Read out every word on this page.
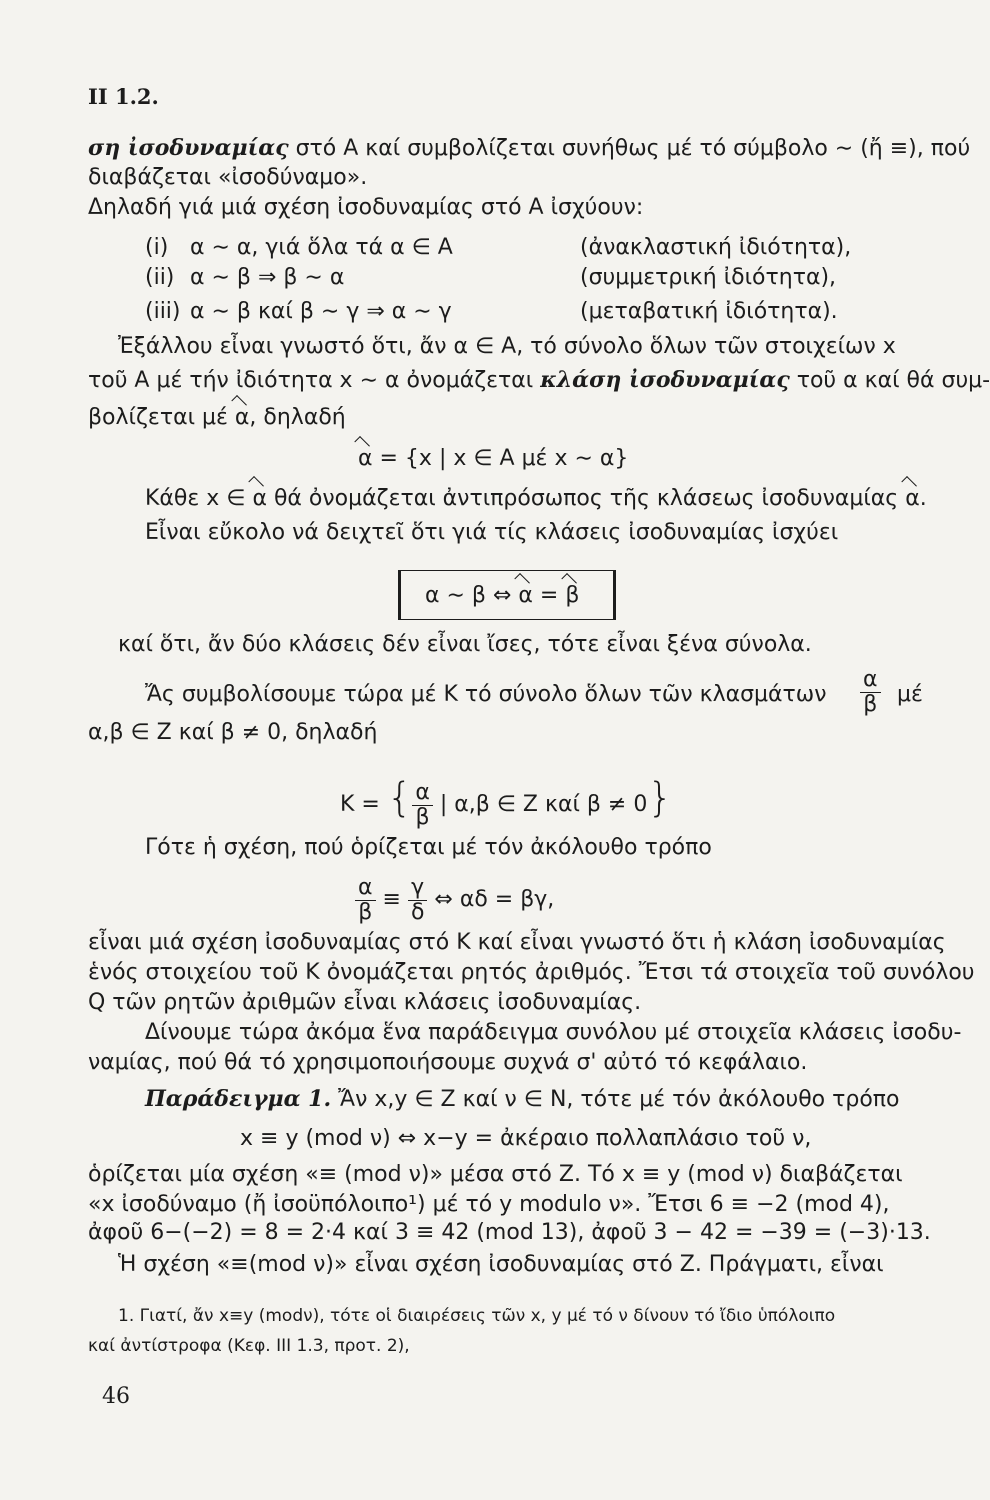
II 1.2.
ση ἰσοδυναμίας στό Α καί συμβολίζεται συνήθως μέ τό σύμβολο ∼ (ἤ ≡), πού
διαβάζεται «ἰσοδύναμο».
Δηλαδή γιά μιά σχέση ἰσοδυναμίας στό Α ἰσχύουν:
(i) α ∼ α, γιά ὅλα τά α ∈ Α	(ἀνακλαστική ἰδιότητα),
(ii) α ∼ β ⇒ β ∼ α	(συμμετρική ἰδιότητα),
(iii) α ∼ β καί β ∼ γ ⇒ α ∼ γ	(μεταβατική ἰδιότητα).
Ἐξάλλου εἶναι γνωστό ὅτι, ἄν α ∈ Α, τό σύνολο ὅλων τῶν στοιχείων x
τοῦ Α μέ τήν ἰδιότητα x ∼ α ὀνομάζεται κλάση ἰσοδυναμίας τοῦ α καί θά συμ-
βολίζεται μέ α, δηλαδή
α = {x | x ∈ Α μέ x ∼ α}
Κάθε x ∈ α θά ὀνομάζεται ἀντιπρόσωπος τῆς κλάσεως ἰσοδυναμίας α.
Εἶναι εὔκολο νά δειχτεῖ ὅτι γιά τίς κλάσεις ἰσοδυναμίας ἰσχύει
α ∼ β ⇔ α = β
καί ὅτι, ἄν δύο κλάσεις δέν εἶναι ἴσες, τότε εἶναι ξένα σύνολα.
Ἄς συμβολίσουμε τώρα μέ Κ τό σύνολο ὅλων τῶν κλασμάτων $\frac{\alpha}{\beta}$ μέ
α,β ∈ Z καί β ≠ 0, δηλαδή
Κ = { $\frac{\alpha}{\beta}$ | α,β ∈ Z καί β ≠ 0}
Γότε ἡ σχέση, πού ὁρίζεται μέ τόν ἀκόλουθο τρόπο
$\frac{\alpha}{\beta} \equiv \frac{\gamma}{\delta}$ ⇔ αδ = βγ,
εἶναι μιά σχέση ἰσοδυναμίας στό Κ καί εἶναι γνωστό ὅτι ἡ κλάση ἰσοδυναμίας
ἑνός στοιχείου τοῦ Κ ὀνομάζεται ρητός ἀριθμός. Ἔτσι τά στοιχεῖα τοῦ συνόλου
Q τῶν ρητῶν ἀριθμῶν εἶναι κλάσεις ἰσοδυναμίας.
Δίνουμε τώρα ἀκόμα ἕνα παράδειγμα συνόλου μέ στοιχεῖα κλάσεις ἰσοδυ-
ναμίας, πού θά τό χρησιμοποιήσουμε συχνά σ' αὐτό τό κεφάλαιο.
Παράδειγμα 1. Ἄν x,y ∈ Z καί ν ∈ N, τότε μέ τόν ἀκόλουθο τρόπο
x ≡ y (mod ν) ⇔ x−y = ἀκέραιο πολλαπλάσιο τοῦ ν,
ὁρίζεται μία σχέση «≡ (mod ν)» μέσα στό Z. Τό x ≡ y (mod ν) διαβάζεται
«x ἰσοδύναμο (ἤ ἰσοϋπόλοιπο¹) μέ τό y modulo ν». Ἔτσι 6 ≡ −2 (mod 4),
ἀφοῦ 6−(−2) = 8 = 2·4 καί 3 ≡ 42 (mod 13), ἀφοῦ 3 − 42 = −39 = (−3)·13.
Ἡ σχέση «≡(mod ν)» εἶναι σχέση ἰσοδυναμίας στό Z. Πράγματι, εἶναι
1. Γιατί, ἄν x≡y (modν), τότε οἱ διαιρέσεις τῶν x, y μέ τό ν δίνουν τό ἴδιο ὑπόλοιπο
καί ἀντίστροφα (Κεφ. III 1.3, προτ. 2),
46
